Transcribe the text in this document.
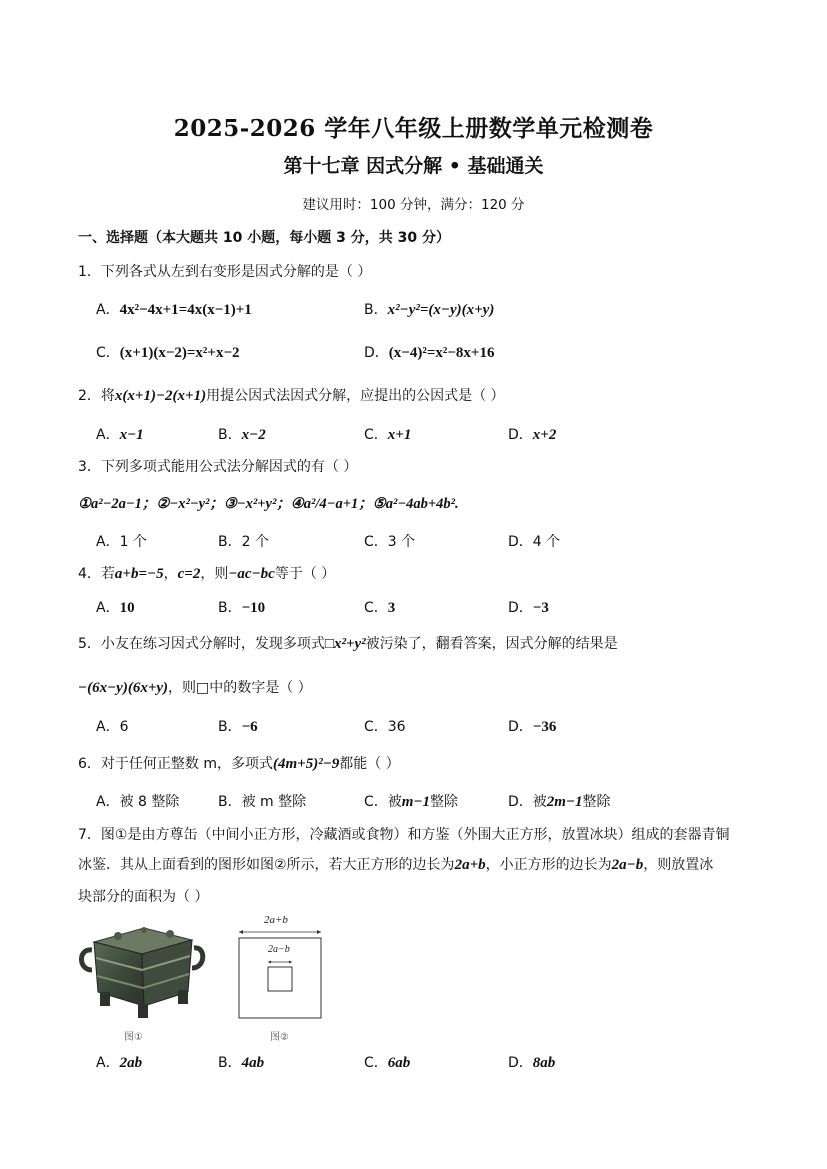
2025-2026 学年八年级上册数学单元检测卷
第十七章 因式分解 • 基础通关
建议用时：100 分钟，满分：120 分
一、选择题（本大题共 10 小题，每小题 3 分，共 30 分）
1．下列各式从左到右变形是因式分解的是（ ）
A．4x²−4x+1=4x(x−1)+1	B．x²−y²=(x−y)(x+y)
C．(x+1)(x−2)=x²+x−2	D．(x−4)²=x²−8x+16
2．将x(x+1)−2(x+1)用提公因式法因式分解，应提出的公因式是（ ）
A．x−1	B．x−2	C．x+1	D．x+2
3．下列多项式能用公式法分解因式的有（ ）
①a²−2a−1；②−x²−y²；③−x²+y²；④a²/4−a+1；⑤a²−4ab+4b².
A．1 个	B．2 个	C．3 个	D．4 个
4．若a+b=−5，c=2，则−ac−bc等于（ ）
A．10	B．−10	C．3	D．−3
5．小友在练习因式分解时，发现多项式□x²+y²被污染了，翻看答案，因式分解的结果是
−(6x−y)(6x+y)，则□中的数字是（ ）
A．6	B．−6	C．36	D．−36
6．对于任何正整数 m，多项式(4m+5)²−9都能（ ）
A．被 8 整除	B．被 m 整除	C．被m−1整除	D．被2m−1整除
7．图①是由方尊缶（中间小正方形，冷藏酒或食物）和方鉴（外围大正方形，放置冰块）组成的套器青铜
冰鉴．其从上面看到的图形如图②所示，若大正方形的边长为2a+b，小正方形的边长为2a−b，则放置冰
块部分的面积为（ ）
图①
2a+b
2a−b
图②
A．2ab	B．4ab	C．6ab	D．8ab
